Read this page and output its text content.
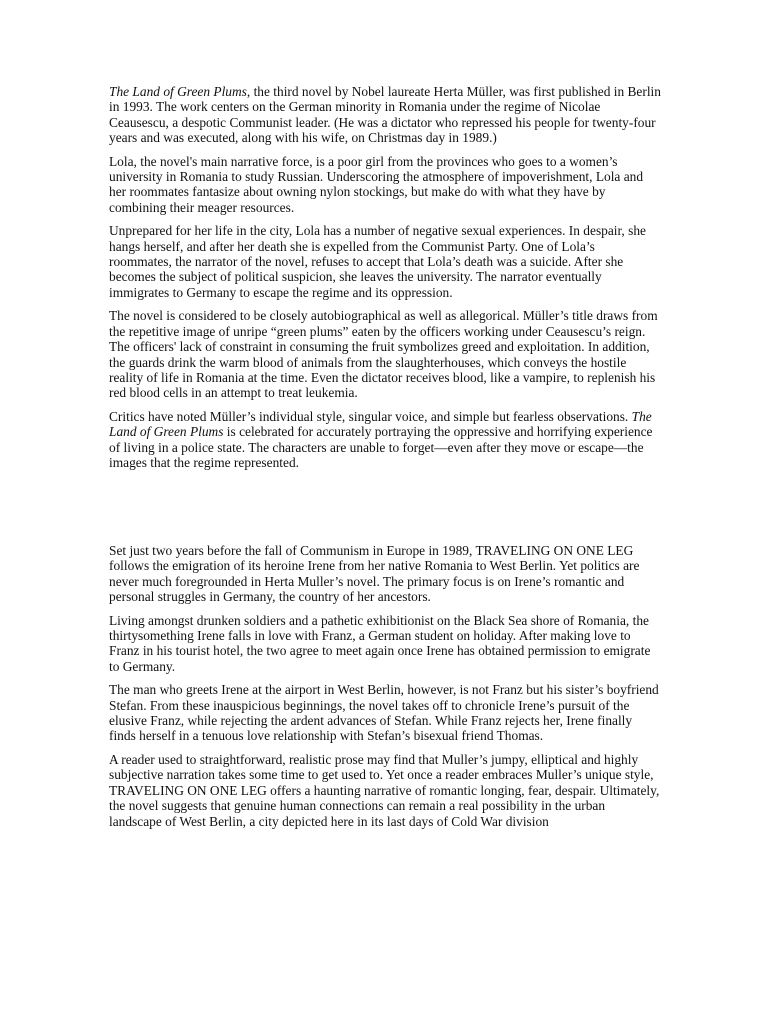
The Land of Green Plums, the third novel by Nobel laureate Herta Müller, was first published in Berlin in 1993. The work centers on the German minority in Romania under the regime of Nicolae Ceausescu, a despotic Communist leader. (He was a dictator who repressed his people for twenty-four years and was executed, along with his wife, on Christmas day in 1989.)

Lola, the novel's main narrative force, is a poor girl from the provinces who goes to a women’s university in Romania to study Russian. Underscoring the atmosphere of impoverishment, Lola and her roommates fantasize about owning nylon stockings, but make do with what they have by combining their meager resources.

Unprepared for her life in the city, Lola has a number of negative sexual experiences. In despair, she hangs herself, and after her death she is expelled from the Communist Party. One of Lola’s roommates, the narrator of the novel, refuses to accept that Lola’s death was a suicide. After she becomes the subject of political suspicion, she leaves the university. The narrator eventually immigrates to Germany to escape the regime and its oppression.

The novel is considered to be closely autobiographical as well as allegorical. Müller’s title draws from the repetitive image of unripe “green plums” eaten by the officers working under Ceausescu’s reign. The officers' lack of constraint in consuming the fruit symbolizes greed and exploitation. In addition, the guards drink the warm blood of animals from the slaughterhouses, which conveys the hostile reality of life in Romania at the time. Even the dictator receives blood, like a vampire, to replenish his red blood cells in an attempt to treat leukemia.

Critics have noted Müller’s individual style, singular voice, and simple but fearless observations. The Land of Green Plums is celebrated for accurately portraying the oppressive and horrifying experience of living in a police state. The characters are unable to forget—even after they move or escape—the images that the regime represented.

Set just two years before the fall of Communism in Europe in 1989, TRAVELING ON ONE LEG follows the emigration of its heroine Irene from her native Romania to West Berlin. Yet politics are never much foregrounded in Herta Muller’s novel. The primary focus is on Irene’s romantic and personal struggles in Germany, the country of her ancestors.

Living amongst drunken soldiers and a pathetic exhibitionist on the Black Sea shore of Romania, the thirtysomething Irene falls in love with Franz, a German student on holiday. After making love to Franz in his tourist hotel, the two agree to meet again once Irene has obtained permission to emigrate to Germany.

The man who greets Irene at the airport in West Berlin, however, is not Franz but his sister’s boyfriend Stefan. From these inauspicious beginnings, the novel takes off to chronicle Irene’s pursuit of the elusive Franz, while rejecting the ardent advances of Stefan. While Franz rejects her, Irene finally finds herself in a tenuous love relationship with Stefan’s bisexual friend Thomas.

A reader used to straightforward, realistic prose may find that Muller’s jumpy, elliptical and highly subjective narration takes some time to get used to. Yet once a reader embraces Muller’s unique style, TRAVELING ON ONE LEG offers a haunting narrative of romantic longing, fear, despair. Ultimately, the novel suggests that genuine human connections can remain a real possibility in the urban landscape of West Berlin, a city depicted here in its last days of Cold War division
